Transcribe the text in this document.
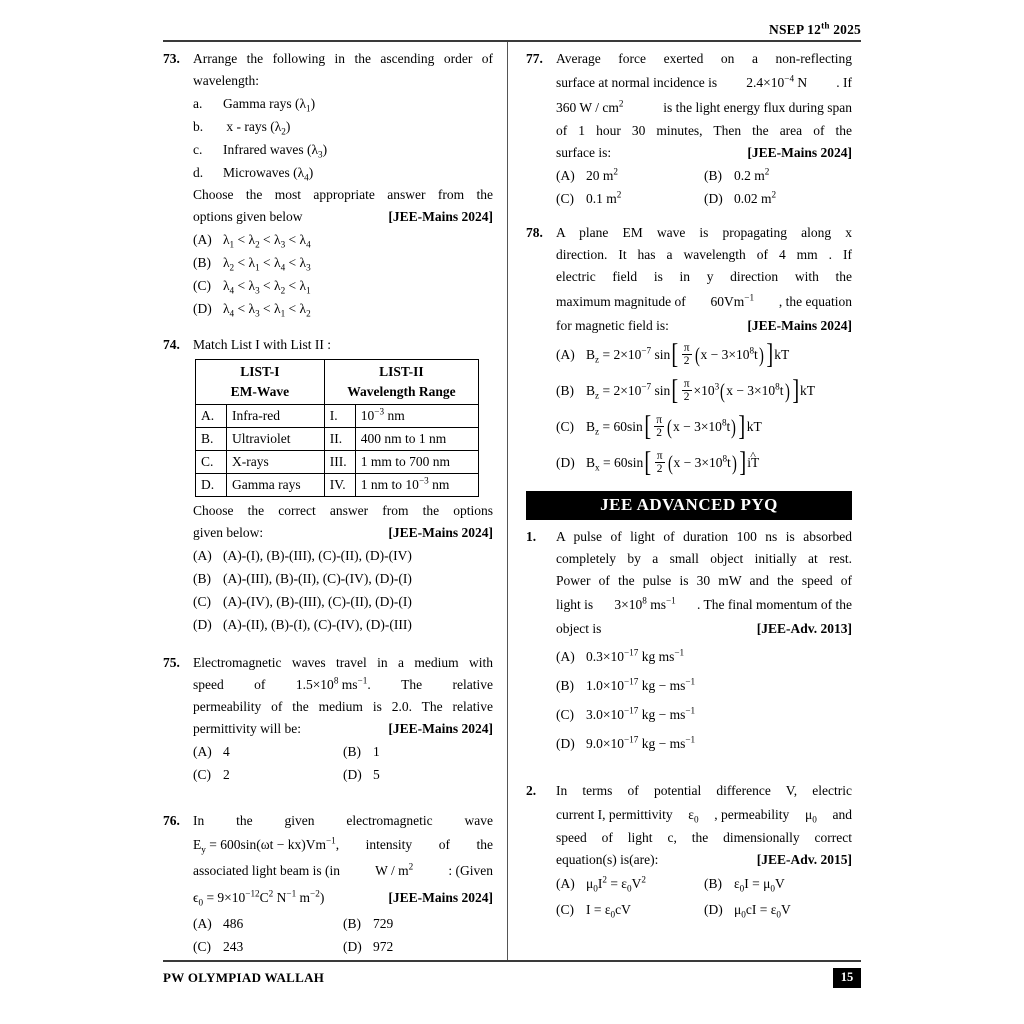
NSEP 12th 2025
73. Arrange the following in the ascending order of wavelength:
a.	Gamma rays $(\lambda_1)$
b.	x - rays $(\lambda_2)$
c.	Infrared waves $(\lambda_3)$
d.	Microwaves $(\lambda_4)$
Choose the most appropriate answer from the
options given below	[JEE-Mains 2024]
(A) $\lambda_1 < \lambda_2 < \lambda_3 < \lambda_4$
(B) $\lambda_2 < \lambda_1 < \lambda_4 < \lambda_3$
(C) $\lambda_4 < \lambda_3 < \lambda_2 < \lambda_1$
(D) $\lambda_4 < \lambda_3 < \lambda_1 < \lambda_2$
74. Match List I with List II :
LIST-I
EM-Wave

LIST-II
Wavelength Range

A.	Infra-red	I.	$10^{-3}$ nm
B.	Ultraviolet	II.	400 nm to 1 nm
C.	X-rays	III.	1 mm to 700 nm
D.	Gamma rays	IV.	1 nm to $10^{-3}$ nm
Choose the correct answer from the options
given below:	[JEE-Mains 2024]
(A) (A)-(I), (B)-(III), (C)-(II), (D)-(IV)
(B) (A)-(III), (B)-(II), (C)-(IV), (D)-(I)
(C) (A)-(IV), (B)-(III), (C)-(II), (D)-(I)
(D) (A)-(II), (B)-(I), (C)-(IV), (D)-(III)
75. Electromagnetic waves travel in a medium with
speed of $1.5\times 10^8$ $ms^{-1}$. The relative
permeability of the medium is 2.0. The relative
permittivity will be:	[JEE-Mains 2024]
(A) 4	(B) 1
(C) 2	(D) 5
76. In the given electromagnetic wave
$E_y = 600\sin(\omega t - kx)Vm^{-1}$, intensity of the
associated light beam is (in	W / $m^2$	: (Given
$\epsilon_0 = 9\times 10^{-12}C^2$ $N^{-1}$ $m^{-2}$)	[JEE-Mains 2024]
(A) 486	(B) 729
(C) 243	(D) 972
77. Average force exerted on a non-reflecting
surface at normal incidence is $2.4\times 10^{-4}$ N . If
360 W / $cm^2$	is the light energy flux during span
of 1 hour 30 minutes, Then the area of the
surface is:	[JEE-Mains 2024]
(A) 20 $m^2$	(B) 0.2 $m^2$
(C) 0.1 $m^2$	(D) 0.02 $m^2$
78. A plane EM wave is propagating along x
direction. It has a wavelength of 4 mm . If
electric field is in y direction with the
maximum magnitude of $60Vm^{-1}$ , the equation
for magnetic field is:	[JEE-Mains 2024]
(A) $B_z = 2\times 10^{-7}$ $\sin[ \frac{\pi}{2} (x - 3\times 10^8t)]kT$
(B) $B_z = 2\times 10^{-7}$ $\sin[ \frac{\pi}{2} \times 10^3(x - 3\times 10^8t)]kT$
(C) $B_z = 60\sin[ \frac{\pi}{2} (x - 3\times 10^8t)]kT$
(D) $B_x = 60\sin[ \frac{\pi}{2} (x$ − $3\times 10^8t)]\^{}$ iT
JEE ADVANCED PYQ
1.	A pulse of light of duration 100 ns is absorbed
completely by a small object initially at rest.
Power of the pulse is 30 mW and the speed of
light is $3\times 10^8$ $ms^{-1}$ . The final momentum of the
object is	[JEE-Adv. 2013]
(A) $0.3\times 10^{-17}$ kg $ms^{-1}$
(B) $1.0\times 10^{-17}$ kg − $ms^{-1}$
(C) $3.0\times 10^{-17}$ kg − $ms^{-1}$
(D) $9.0\times 10^{-17}$ kg − $ms^{-1}$
2.	In terms of potential difference V, electric
current I, permittivity $\varepsilon_0$ , permeability $\mu_0$ and
speed of light c, the dimensionally correct
equation(s) is(are):	[JEE-Adv. 2015]
(A) $\mu_0I^2 = \varepsilon_0V^2$	(B) $\varepsilon_0I = \mu_0V$
(C) $I = \varepsilon_0cV$	(D) $\mu_0cI = \varepsilon_0V$
PW OLYMPIAD WALLAH	15
